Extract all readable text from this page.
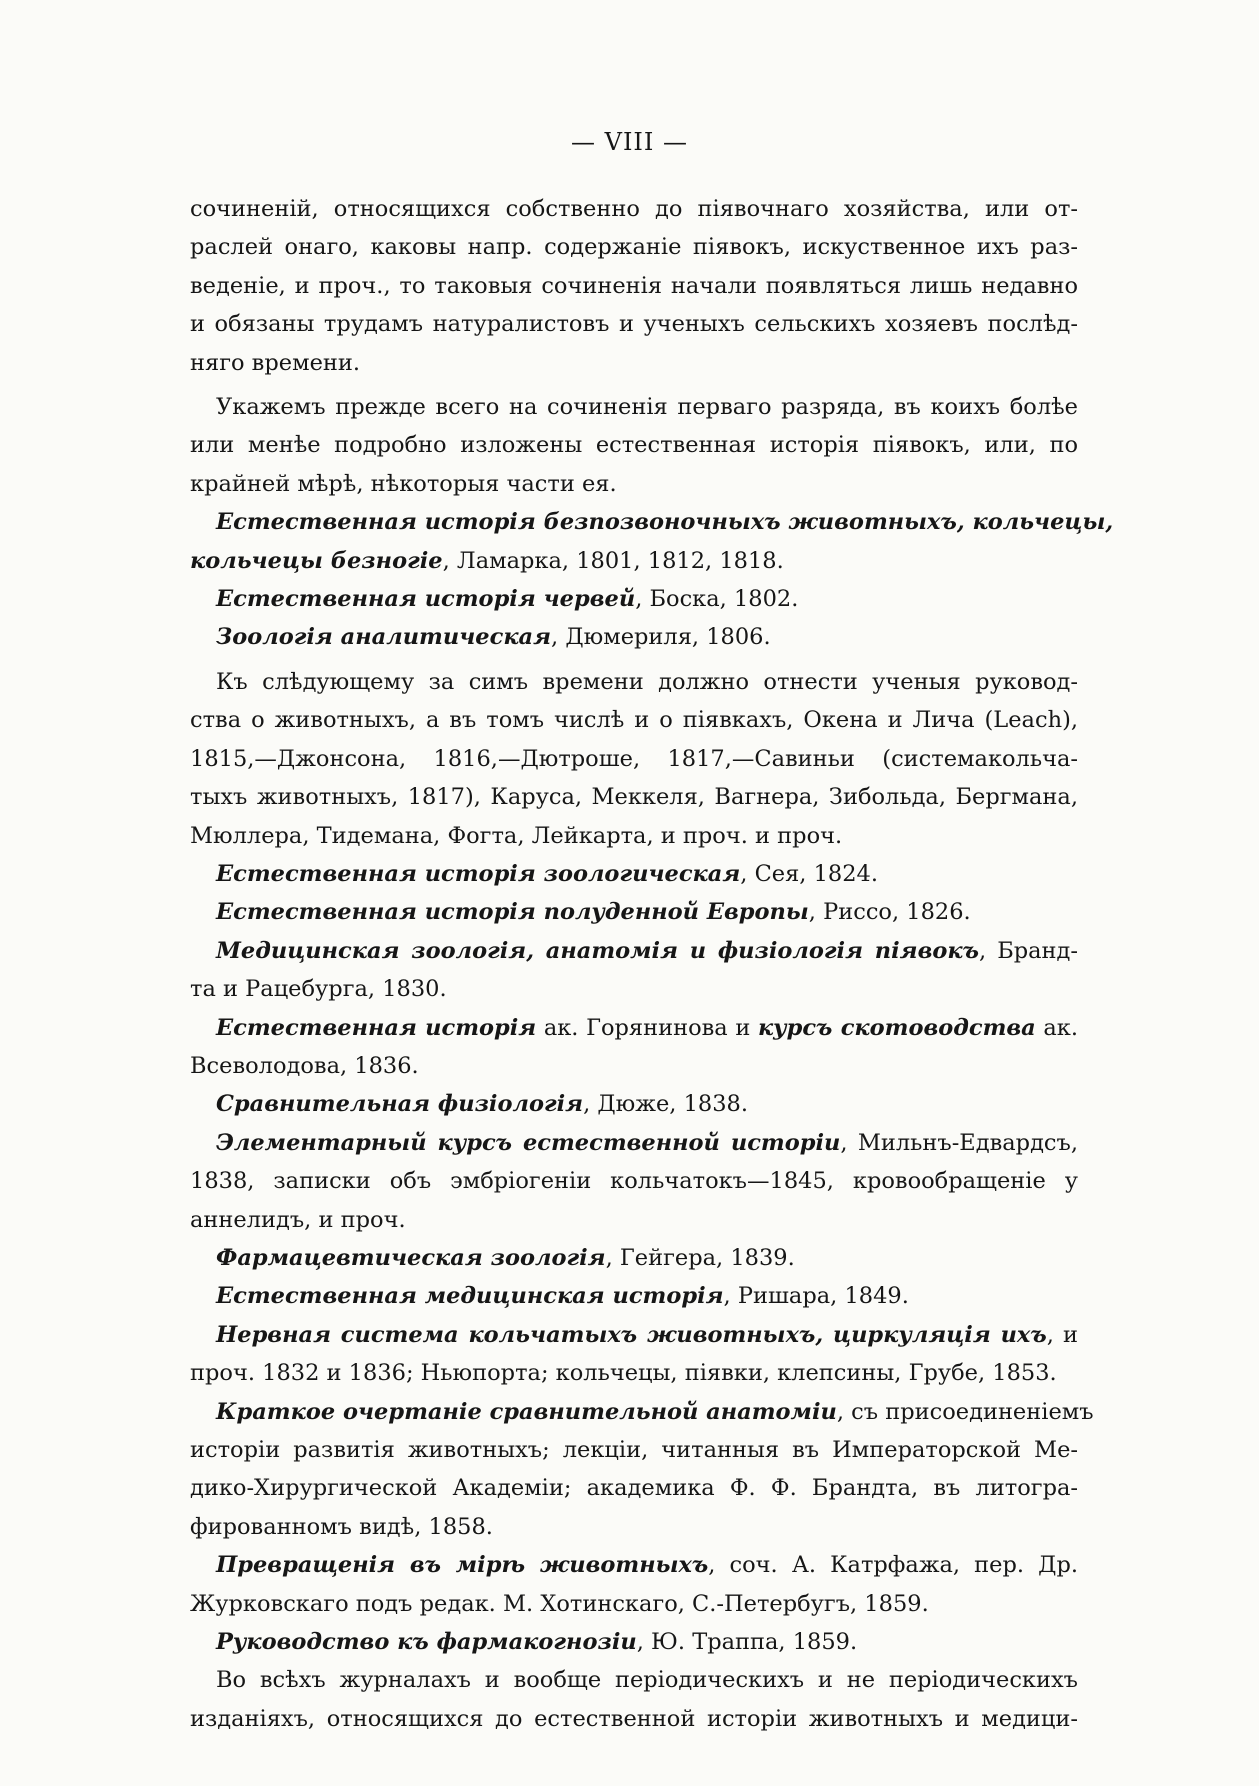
— VIII —
сочиненій, относящихся собственно до піявочнаго хозяйства, или от-
раслей онаго, каковы напр. содержаніе піявокъ, искуственное ихъ раз-
веденіе, и проч., то таковыя сочиненія начали появляться лишь недавно
и обязаны трудамъ натуралистовъ и ученыхъ сельскихъ хозяевъ послѣд-
няго времени.
Укажемъ прежде всего на сочиненія перваго разряда, въ коихъ болѣе
или менѣе подробно изложены естественная исторія піявокъ, или, по
крайней мѣрѣ, нѣкоторыя части ея.
Естественная исторія безпозвоночныхъ животныхъ, кольчецы,
кольчецы безногіе, Ламарка, 1801, 1812, 1818.
Естественная исторія червей, Боска, 1802.
Зоологія аналитическая, Дюмериля, 1806.
Къ слѣдующему за симъ времени должно отнести ученыя руковод-
ства о животныхъ, а въ томъ числѣ и о піявкахъ, Окена и Лича (Leach),
1815,—Джонсона, 1816,—Дютроше, 1817,—Савиньи (системакольча-
тыхъ животныхъ, 1817), Каруса, Меккеля, Вагнера, Зибольда, Бергмана,
Мюллера, Тидемана, Фогта, Лейкарта, и проч. и проч.
Естественная исторія зоологическая, Сея, 1824.
Естественная исторія полуденной Европы, Риссо, 1826.
Медицинская зоологія, анатомія и физіологія піявокъ, Бранд-
та и Рацебурга, 1830.
Естественная исторія ак. Горянинова и курсъ скотоводства ак.
Всеволодова, 1836.
Сравнительная физіологія, Дюже, 1838.
Элементарный курсъ естественной исторіи, Мильнъ-Едвардсъ,
1838, записки объ эмбріогеніи кольчатокъ—1845, кровообращеніе у
аннелидъ, и проч.
Фармацевтическая зоологія, Гейгера, 1839.
Естественная медицинская исторія, Ришара, 1849.
Нервная система кольчатыхъ животныхъ, циркуляція ихъ, и
проч. 1832 и 1836; Ньюпорта; кольчецы, піявки, клепсины, Грубе, 1853.
Краткое очертаніе сравнительной анатоміи, съ присоединеніемъ
исторіи развитія животныхъ; лекціи, читанныя въ Императорской Ме-
дико-Хирургической Академіи; академика Ф. Ф. Брандта, въ литогра-
фированномъ видѣ, 1858.
Превращенія въ мірѣ животныхъ, соч. А. Катрфажа, пер. Др.
Журковскаго подъ редак. М. Хотинскаго, С.-Петербугъ, 1859.
Руководство къ фармакогнозіи, Ю. Траппа, 1859.
Во всѣхъ журналахъ и вообще періодическихъ и не періодическихъ
изданіяхъ, относящихся до естественной исторіи животныхъ и медици-
